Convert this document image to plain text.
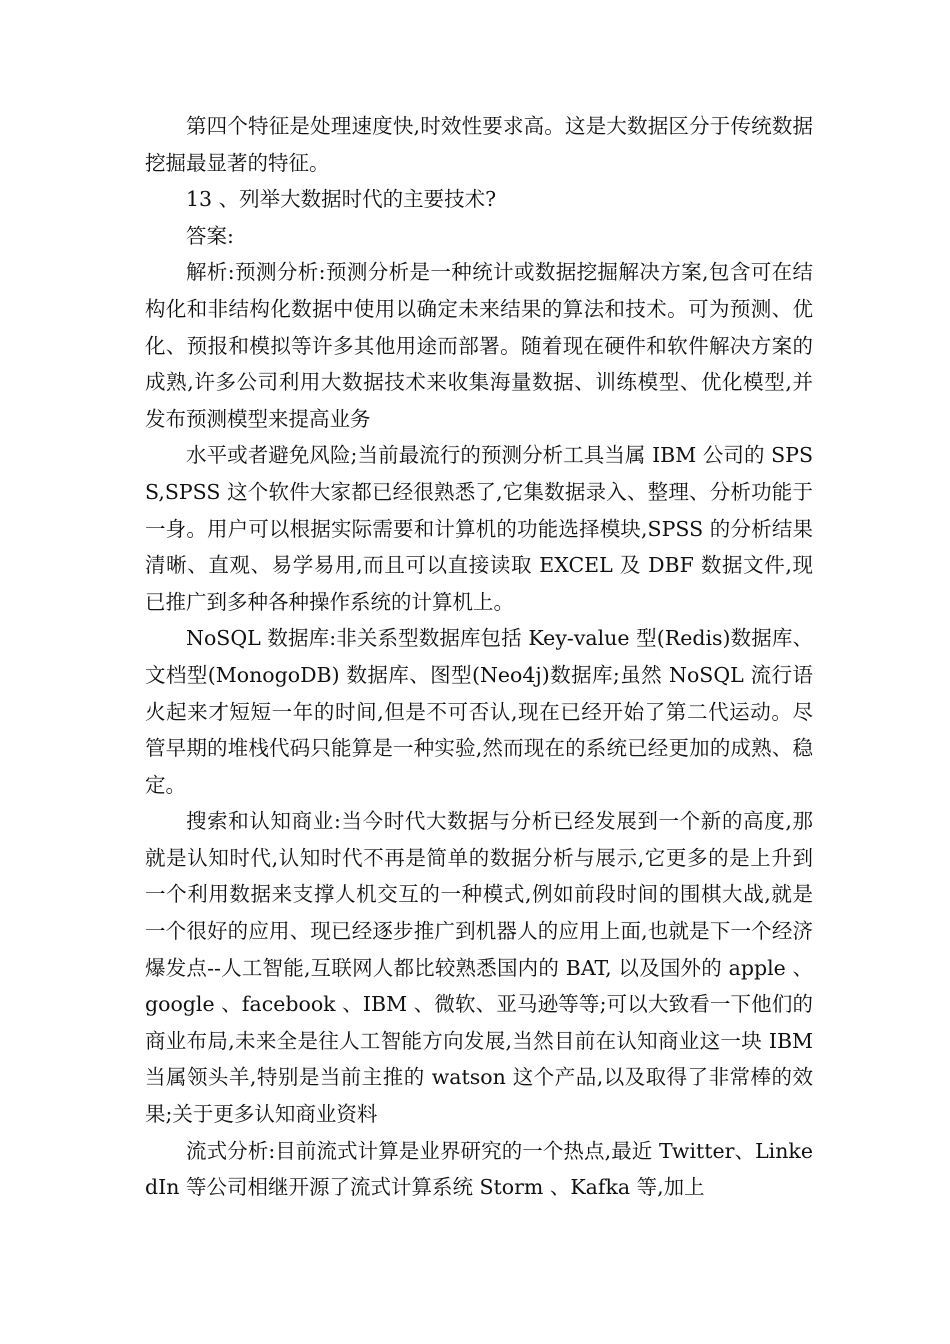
第四个特征是处理速度快,时效性要求高。这是大数据区分于传统数据挖掘最显著的特征。

13 、列举大数据时代的主要技术?

答案:

解析:预测分析:预测分析是一种统计或数据挖掘解决方案,包含可在结构化和非结构化数据中使用以确定未来结果的算法和技术。可为预测、优化、预报和模拟等许多其他用途而部署。随着现在硬件和软件解决方案的成熟,许多公司利用大数据技术来收集海量数据、训练模型、优化模型,并发布预测模型来提高业务

水平或者避免风险;当前最流行的预测分析工具当属 IBM 公司的 SPSS,SPSS 这个软件大家都已经很熟悉了,它集数据录入、整理、分析功能于一身。用户可以根据实际需要和计算机的功能选择模块,SPSS 的分析结果清晰、直观、易学易用,而且可以直接读取 EXCEL 及 DBF 数据文件,现已推广到多种各种操作系统的计算机上。

NoSQL 数据库:非关系型数据库包括 Key-value 型(Redis)数据库、文档型(MonogoDB) 数据库、图型(Neo4j)数据库;虽然 NoSQL 流行语火起来才短短一年的时间,但是不可否认,现在已经开始了第二代运动。尽管早期的堆栈代码只能算是一种实验,然而现在的系统已经更加的成熟、稳定。

搜索和认知商业:当今时代大数据与分析已经发展到一个新的高度,那就是认知时代,认知时代不再是简单的数据分析与展示,它更多的是上升到一个利用数据来支撑人机交互的一种模式,例如前段时间的围棋大战,就是一个很好的应用、现已经逐步推广到机器人的应用上面,也就是下一个经济爆发点--人工智能,互联网人都比较熟悉国内的 BAT, 以及国外的 apple 、google 、facebook 、IBM 、微软、亚马逊等等;可以大致看一下他们的商业布局,未来全是往人工智能方向发展,当然目前在认知商业这一块 IBM 当属领头羊,特别是当前主推的 watson 这个产品,以及取得了非常棒的效果;关于更多认知商业资料

流式分析:目前流式计算是业界研究的一个热点,最近 Twitter、LinkedIn 等公司相继开源了流式计算系统 Storm 、Kafka 等,加上
